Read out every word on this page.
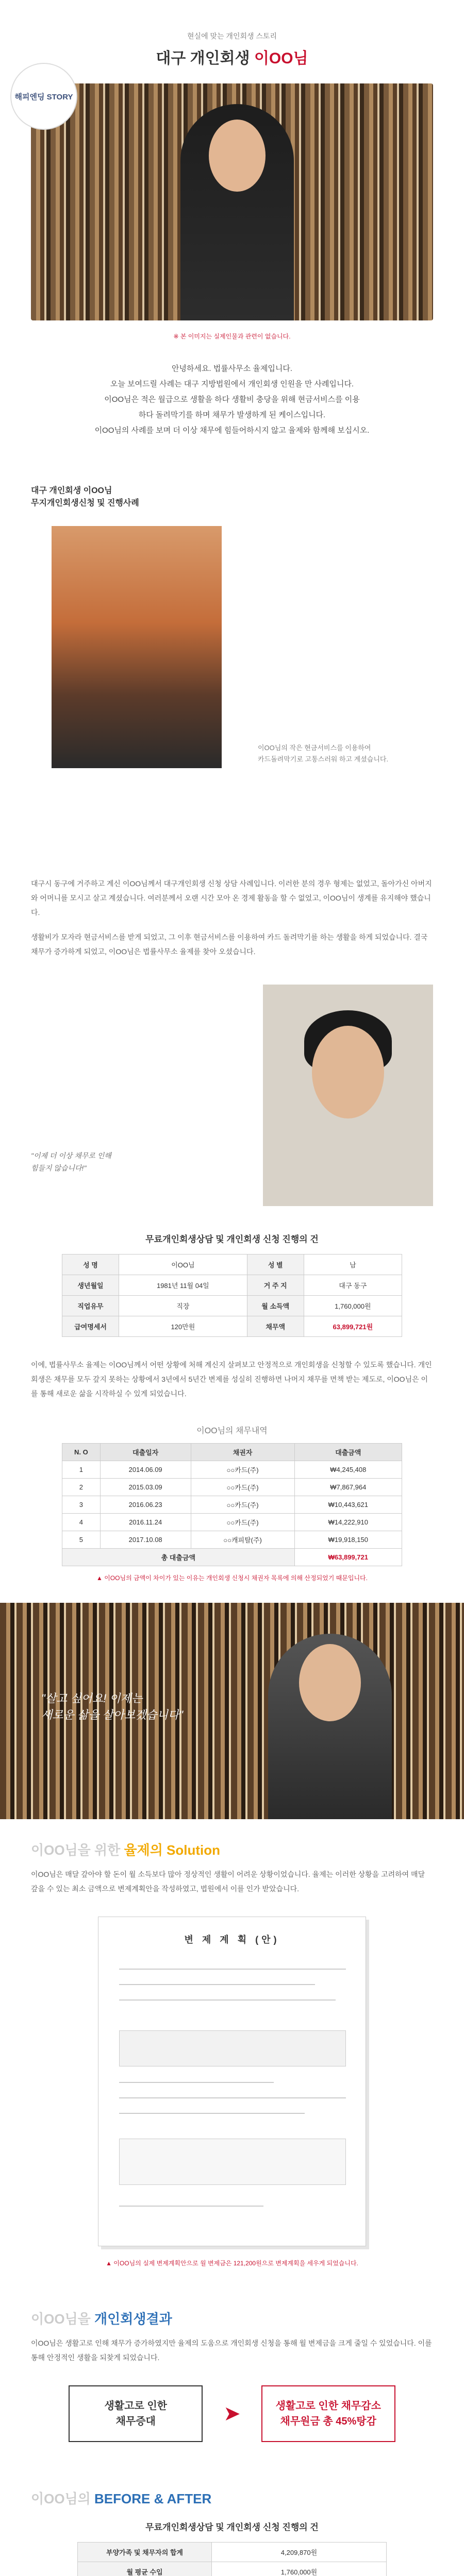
현실에 맞는 개인회생 스토리
대구 개인회생 이OO님
해피엔딩 STORY
※ 본 이미지는 실제인물과 관련이 없습니다.
안녕하세요. 법률사무소 율제입니다.
오늘 보여드릴 사례는 대구 지방법원에서 개인회생 인원을 만 사례입니다.
이OO님은 적은 월급으로 생활을 하다 생활비 충당을 위해 현금서비스를 이용
하다 돌려막기를 하며 채무가 발생하게 된 케이스입니다.
이OO님의 사례를 보며 더 이상 채무에 힘들어하시지 않고 율제와 함께해 보십시오.
대구 개인회생 이OO님
무지개인회생신청 및 진행사례
이OO님의 작은 현금서비스를 이용하여
카드돌려막기로 고통스러워 하고 계셨습니다.
대구시 동구에 거주하고 계신 이OO님께서 대구개인회생 신청 상담 사례입니다. 이러한 분의 경우 형제는 없었고, 돌아가신 아버지와 어머니를 모시고 살고 계셨습니다. 여러분께서 오랜 시간 모아 온 경제 활동을 할 수 없었고, 이OO님이 생계를 유지해야 했습니다.
생활비가 모자라 현금서비스를 받게 되었고, 그 이후 현금서비스를 이용하여 카드 돌려막기를 하는 생활을 하게 되었습니다. 결국 채무가 증가하게 되었고, 이OO님은 법률사무소 율제를 찾아 오셨습니다.
"이제 더 이상 채무로 인해
힘들지 않습니다!"
무료개인회생상담 및 개인회생 신청 진행의 건
성 명	이OO님	성 별	남
생년월일	1981년 11월 04일	거 주 지	대구 동구
직업유무	직장	월 소득액	1,760,000원
급여명세서	120만원	채무액	63,899,721원
이에, 법률사무소 율제는 이OO님께서 어떤 상황에 처해 계신지 살펴보고 안정적으로 개인회생을 신청할 수 있도록 했습니다. 개인회생은 채무를 모두 갚지 못하는 상황에서 3년에서 5년간 변제를 성실히 진행하면 나머지 채무를 면책 받는 제도로, 이OO님은 이를 통해 새로운 삶을 시작하실 수 있게 되었습니다.
이OO님의 채무내역
N. O	대출일자	채권자	대출금액
1	2014.06.09	○○카드(주)	₩4,245,408
2	2015.03.09	○○카드(주)	₩7,867,964
3	2016.06.23	○○카드(주)	₩10,443,621
4	2016.11.24	○○카드(주)	₩14,222,910
5	2017.10.08	○○캐피탈(주)	₩19,918,150
총 대출금액			₩63,899,721
▲ 이OO님의 금액이 차이가 있는 이유는 개인회생 신청시 채권자 목록에 의해 산정되었기 때문입니다.
"살고 싶어요! 이제는
새로운 삶을 살아보겠습니다"
이OO님을 위한 율제의 Solution
이OO님은 매달 갚아야 할 돈이 월 소득보다 많아 정상적인 생활이 어려운 상황이었습니다. 율제는 이러한 상황을 고려하여 매달 갚을 수 있는 최소 금액으로 변제계획안을 작성하였고, 법원에서 이를 인가 받았습니다.
변 제 계 획 (안)
▲ 이OO님의 실제 변제계획안으로 월 변제금은 121,200원으로 변제계획을 세우게 되었습니다.
이OO님을 개인회생결과
이OO님은 생활고로 인해 채무가 증가하였지만 율제의 도움으로 개인회생 신청을 통해 월 변제금을 크게 줄일 수 있었습니다. 이를 통해 안정적인 생활을 되찾게 되었습니다.
생활고로 인한
채무증대	➤	생활고로 인한 채무감소
채무원금 총 45%탕감
이OO님의 BEFORE & AFTER
무료개인회생상담 및 개인회생 신청 진행의 건
부양가족 및 채무자의 합계	4,209,870원
월 평균 수입	1,760,000원
